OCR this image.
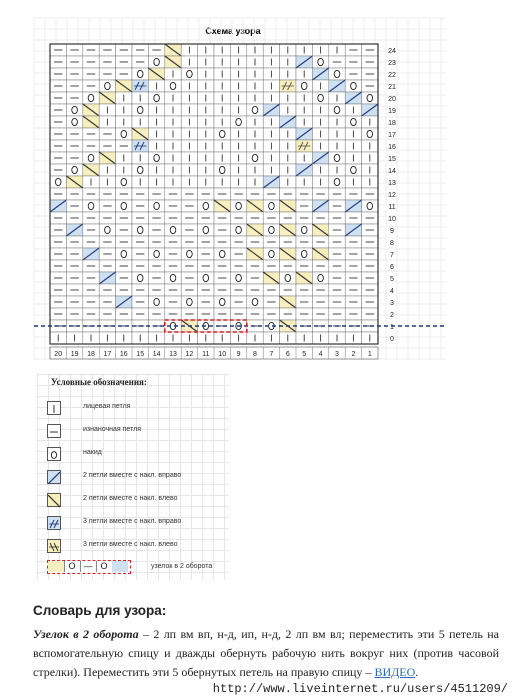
Схема узора
24
23
22
21
20
19
18
17
16
15
14
13
12
11
10
9
8
7
6
5
4
3
2
1
0
20 19 18 17 16 15 14 13 12 11 10 9 8 7 6 5 4 3 2 1
Условные обозначения:
лицевая петля
изнаночная петля
накид
2 петли вместе с накл. вправо
2 петли вместе с накл. влево
3 петли вместе с накл. вправо
3 петли вместе с накл. влево
O — O	узелок в 2 оборота
Словарь для узора:
Узелок в 2 оборота – 2 лп вм вп, н-д, ип, н-д, 2 лп вм вл; переместить эти 5 петель на вспомогательную спицу и дважды обернуть рабочую нить вокруг них (против часовой стрелки). Переместить эти 5 обернутых петель на правую спицу – ВИДЕО.
http://www.liveinternet.ru/users/4511209/
